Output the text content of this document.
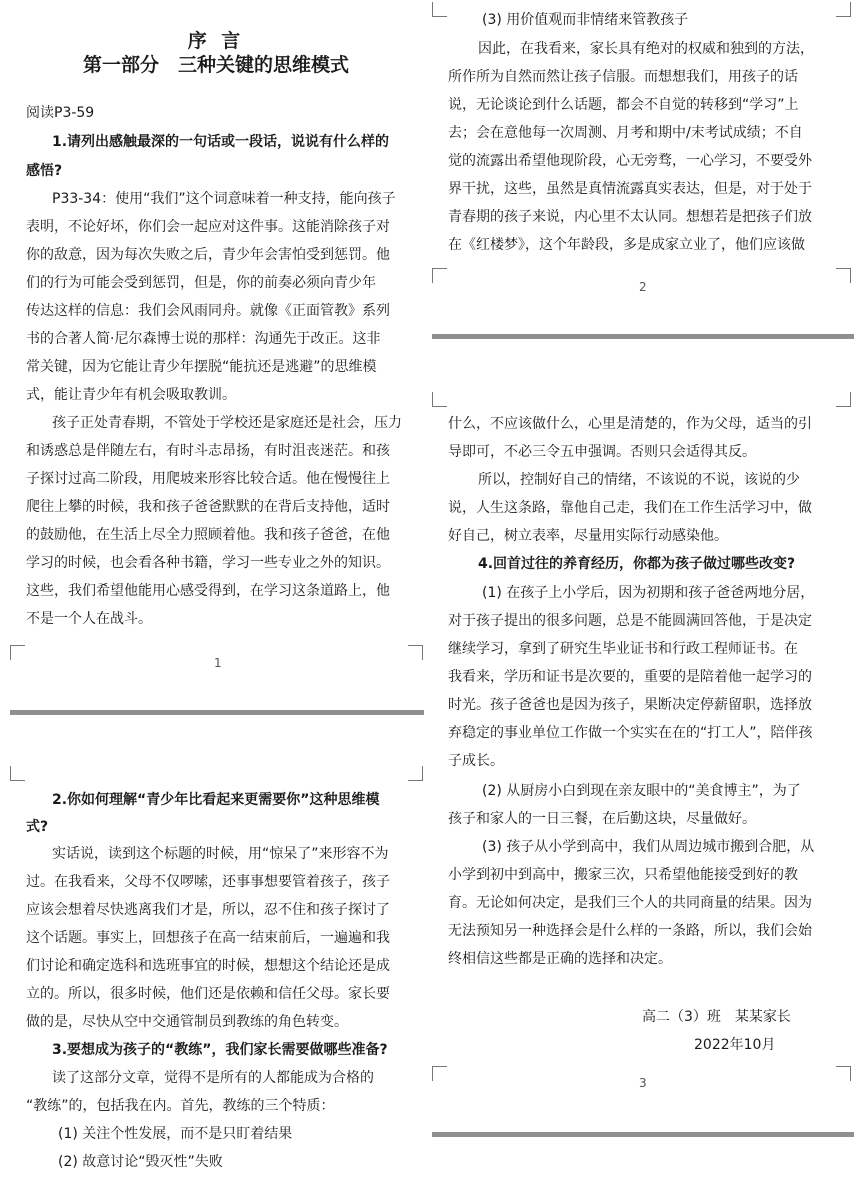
序 言
第一部分　三种关键的思维模式
阅读P3-59
1.请列出感触最深的一句话或一段话，说说有什么样的
感悟?
P33-34：使用“我们”这个词意味着一种支持，能向孩子
表明，不论好坏，你们会一起应对这件事。这能消除孩子对
你的敌意，因为每次失败之后，青少年会害怕受到惩罚。他
们的行为可能会受到惩罚，但是，你的前奏必须向青少年
传达这样的信息：我们会风雨同舟。就像《正面管教》系列
书的合著人简·尼尔森博士说的那样：沟通先于改正。这非
常关键，因为它能让青少年摆脱“能抗还是逃避”的思维模
式，能让青少年有机会吸取教训。
孩子正处青春期，不管处于学校还是家庭还是社会，压力
和诱惑总是伴随左右，有时斗志昂扬，有时沮丧迷茫。和孩
子探讨过高二阶段，用爬坡来形容比较合适。他在慢慢往上
爬往上攀的时候，我和孩子爸爸默默的在背后支持他，适时
的鼓励他，在生活上尽全力照顾着他。我和孩子爸爸，在他
学习的时候，也会看各种书籍，学习一些专业之外的知识。
这些，我们希望他能用心感受得到，在学习这条道路上，他
不是一个人在战斗。
1
2.你如何理解“青少年比看起来更需要你”这种思维模
式?
实话说，读到这个标题的时候，用“惊呆了”来形容不为
过。在我看来，父母不仅啰嗦，还事事想要管着孩子，孩子
应该会想着尽快逃离我们才是，所以，忍不住和孩子探讨了
这个话题。事实上，回想孩子在高一结束前后，一遍遍和我
们讨论和确定选科和选班事宜的时候，想想这个结论还是成
立的。所以，很多时候，他们还是依赖和信任父母。家长要
做的是，尽快从空中交通管制员到教练的角色转变。
3.要想成为孩子的“教练”，我们家长需要做哪些准备?
读了这部分文章，觉得不是所有的人都能成为合格的
“教练”的，包括我在内。首先，教练的三个特质：
(1) 关注个性发展，而不是只盯着结果
(2) 故意讨论“毁灭性”失败
(3) 用价值观而非情绪来管教孩子
因此，在我看来，家长具有绝对的权威和独到的方法，
所作所为自然而然让孩子信服。而想想我们，用孩子的话
说，无论谈论到什么话题，都会不自觉的转移到“学习”上
去；会在意他每一次周测、月考和期中/末考试成绩；不自
觉的流露出希望他现阶段，心无旁骛，一心学习，不要受外
界干扰，这些，虽然是真情流露真实表达，但是，对于处于
青春期的孩子来说，内心里不太认同。想想若是把孩子们放
在《红楼梦》，这个年龄段，多是成家立业了，他们应该做
2
什么，不应该做什么，心里是清楚的，作为父母，适当的引
导即可，不必三令五申强调。否则只会适得其反。
所以，控制好自己的情绪，不该说的不说，该说的少
说，人生这条路，靠他自己走，我们在工作生活学习中，做
好自己，树立表率，尽量用实际行动感染他。
4.回首过往的养育经历，你都为孩子做过哪些改变?
(1) 在孩子上小学后，因为初期和孩子爸爸两地分居，
对于孩子提出的很多问题，总是不能圆满回答他，于是决定
继续学习，拿到了研究生毕业证书和行政工程师证书。在
我看来，学历和证书是次要的，重要的是陪着他一起学习的
时光。孩子爸爸也是因为孩子，果断决定停薪留职，选择放
弃稳定的事业单位工作做一个实实在在的“打工人”，陪伴孩
子成长。
(2) 从厨房小白到现在亲友眼中的“美食博主”，为了
孩子和家人的一日三餐，在后勤这块，尽量做好。
(3) 孩子从小学到高中，我们从周边城市搬到合肥，从
小学到初中到高中，搬家三次，只希望他能接受到好的教
育。无论如何决定，是我们三个人的共同商量的结果。因为
无法预知另一种选择会是什么样的一条路，所以，我们会始
终相信这些都是正确的选择和决定。
高二（3）班　某某家长
2022年10月
3
